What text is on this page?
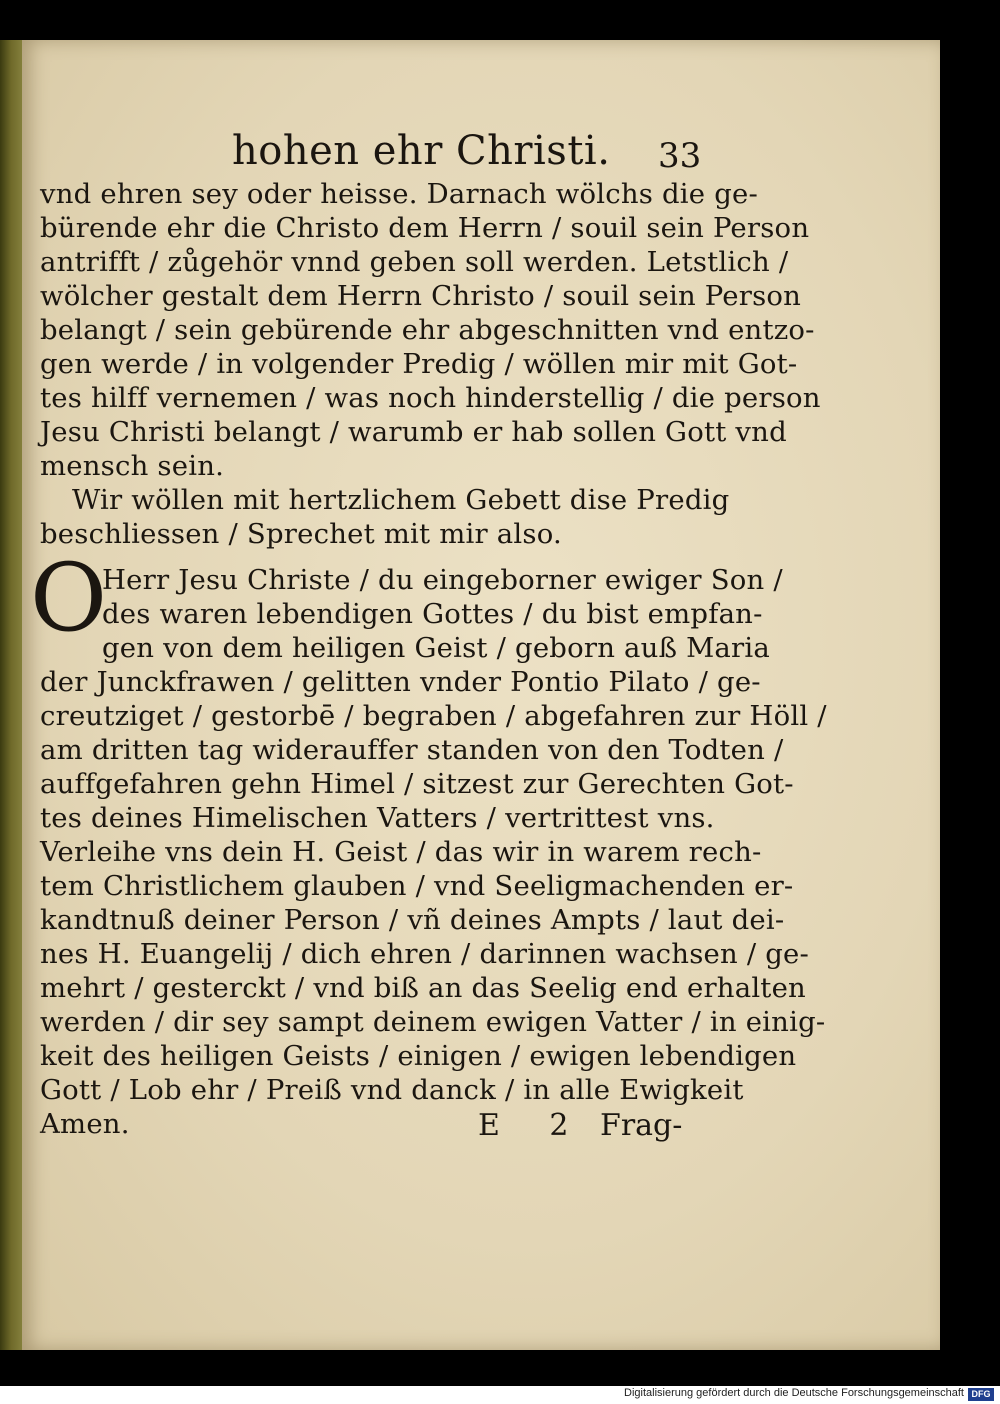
hohen ehr Christi. 33
vnd ehren sey oder heisse. Darnach wölchs die ge-
bürende ehr die Christo dem Herrn / souil sein Person
antrifft / zůgehör vnnd geben soll werden. Letstlich /
wölcher gestalt dem Herrn Christo / souil sein Person
belangt / sein gebürende ehr abgeschnitten vnd entzo-
gen werde / in volgender Predig / wöllen mir mit Got-
tes hilff vernemen / was noch hinderstellig / die person
Jesu Christi belangt / warumb er hab sollen Gott vnd
mensch sein.
Wir wöllen mit hertzlichem Gebett dise Predig
beschliessen / Sprechet mit mir also.
O
Herr Jesu Christe / du eingeborner ewiger Son /
des waren lebendigen Gottes / du bist empfan-
gen von dem heiligen Geist / geborn auß Maria
der Junckfrawen / gelitten vnder Pontio Pilato / ge-
creutziget / gestorbē / begraben / abgefahren zur Höll /
am dritten tag widerauffer standen von den Todten /
auffgefahren gehn Himel / sitzest zur Gerechten Got-
tes deines Himelischen Vatters / vertrittest vns.
Verleihe vns dein H. Geist / das wir in warem rech-
tem Christlichem glauben / vnd Seeligmachenden er-
kandtnuß deiner Person / vñ deines Ampts / laut dei-
nes H. Euangelij / dich ehren / darinnen wachsen / ge-
mehrt / gesterckt / vnd biß an das Seelig end erhalten
werden / dir sey sampt deinem ewigen Vatter / in einig-
keit des heiligen Geists / einigen / ewigen lebendigen
Gott / Lob ehr / Preiß vnd danck / in alle Ewigkeit
Amen.	E 2 Frag-
Digitalisierung gefördert durch die Deutsche Forschungsgemeinschaft DFG
